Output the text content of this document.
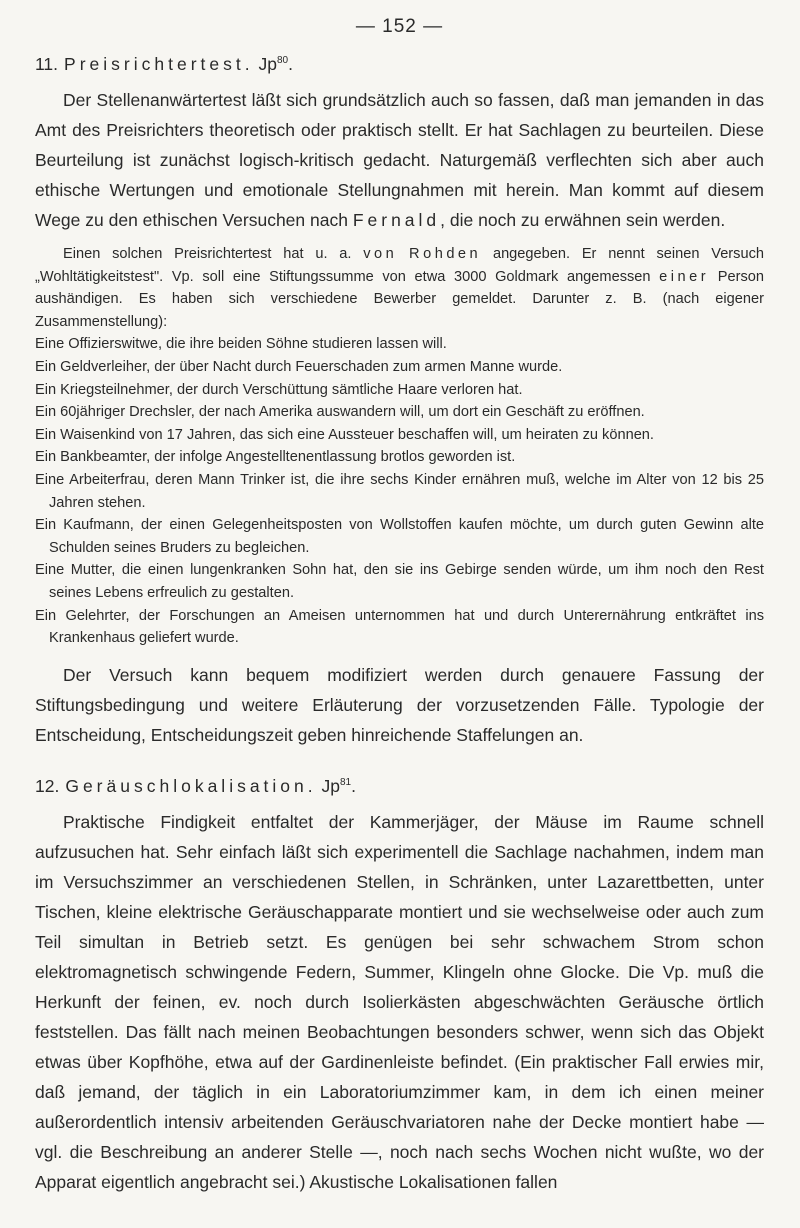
— 152 —
11. Preisrichtertest. Jp$^{80}$.

Der Stellenanwärtertest läßt sich grundsätzlich auch so fassen, daß man jemanden in das Amt des Preisrichters theoretisch oder praktisch stellt. Er hat Sachlagen zu beurteilen. Diese Beurteilung ist zunächst logisch-kritisch gedacht. Naturgemäß verflechten sich aber auch ethische Wertungen und emotionale Stellungnahmen mit herein. Man kommt auf diesem Wege zu den ethischen Versuchen nach Fernald, die noch zu erwähnen sein werden.

Einen solchen Preisrichtertest hat u. a. von Rohden angegeben. Er nennt seinen Versuch „Wohltätigkeitstest". Vp. soll eine Stiftungssumme von etwa 3000 Goldmark angemessen einer Person aushändigen. Es haben sich verschiedene Bewerber gemeldet. Darunter z. B. (nach eigener Zusammenstellung):

Eine Offizierswitwe, die ihre beiden Söhne studieren lassen will.
Ein Geldverleiher, der über Nacht durch Feuerschaden zum armen Manne wurde.
Ein Kriegsteilnehmer, der durch Verschüttung sämtliche Haare verloren hat.
Ein 60jähriger Drechsler, der nach Amerika auswandern will, um dort ein Geschäft zu eröffnen.
Ein Waisenkind von 17 Jahren, das sich eine Aussteuer beschaffen will, um heiraten zu können.
Ein Bankbeamter, der infolge Angestelltenentlassung brotlos geworden ist.
Eine Arbeiterfrau, deren Mann Trinker ist, die ihre sechs Kinder ernähren muß, welche im Alter von 12 bis 25 Jahren stehen.
Ein Kaufmann, der einen Gelegenheitsposten von Wollstoffen kaufen möchte, um durch guten Gewinn alte Schulden seines Bruders zu begleichen.
Eine Mutter, die einen lungenkranken Sohn hat, den sie ins Gebirge senden würde, um ihm noch den Rest seines Lebens erfreulich zu gestalten.
Ein Gelehrter, der Forschungen an Ameisen unternommen hat und durch Unterernährung entkräftet ins Krankenhaus geliefert wurde.

Der Versuch kann bequem modifiziert werden durch genauere Fassung der Stiftungsbedingung und weitere Erläuterung der vorzusetzenden Fälle. Typologie der Entscheidung, Entscheidungszeit geben hinreichende Staffelungen an.

12. Geräuschlokalisation. Jp$^{81}$.

Praktische Findigkeit entfaltet der Kammerjäger, der Mäuse im Raume schnell aufzusuchen hat. Sehr einfach läßt sich experimentell die Sachlage nachahmen, indem man im Versuchszimmer an verschiedenen Stellen, in Schränken, unter Lazarettbetten, unter Tischen, kleine elektrische Geräuschapparate montiert und sie wechselweise oder auch zum Teil simultan in Betrieb setzt. Es genügen bei sehr schwachem Strom schon elektromagnetisch schwingende Federn, Summer, Klingeln ohne Glocke. Die Vp. muß die Herkunft der feinen, ev. noch durch Isolierkästen abgeschwächten Geräusche örtlich feststellen. Das fällt nach meinen Beobachtungen besonders schwer, wenn sich das Objekt etwas über Kopfhöhe, etwa auf der Gardinenleiste befindet. (Ein praktischer Fall erwies mir, daß jemand, der täglich in ein Laboratoriumzimmer kam, in dem ich einen meiner außerordentlich intensiv arbeitenden Geräuschvariatoren nahe der Decke montiert habe — vgl. die Beschreibung an anderer Stelle —, noch nach sechs Wochen nicht wußte, wo der Apparat eigentlich angebracht sei.) Akustische Lokalisationen fallen
